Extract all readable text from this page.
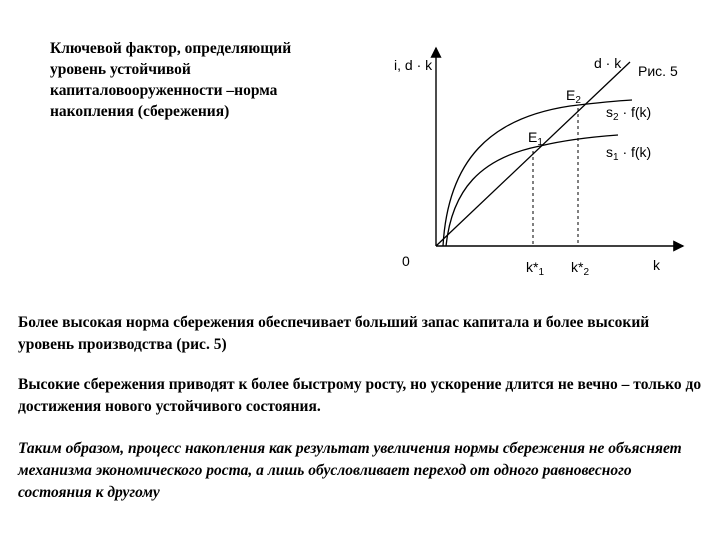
Ключевой фактор, определяющий
уровень устойчивой
капиталовооруженности –норма
накопления (сбережения)
i, d · k	d · k Рис. 5
$E_2$
$s_2 \cdot f(k)$
$E_1$
$s_1 \cdot f(k)$
0	$k*_1$ $k*_2$	k
Более высокая норма сбережения обеспечивает больший запас капитала и более высокий уровень производства (рис. 5)
Высокие сбережения приводят к более быстрому росту, но ускорение длится не вечно – только до достижения нового устойчивого состояния.
Таким образом, процесс накопления как результат увеличения нормы сбережения не объясняет механизма экономического роста, а лишь обусловливает переход от одного равновесного состояния к другому
